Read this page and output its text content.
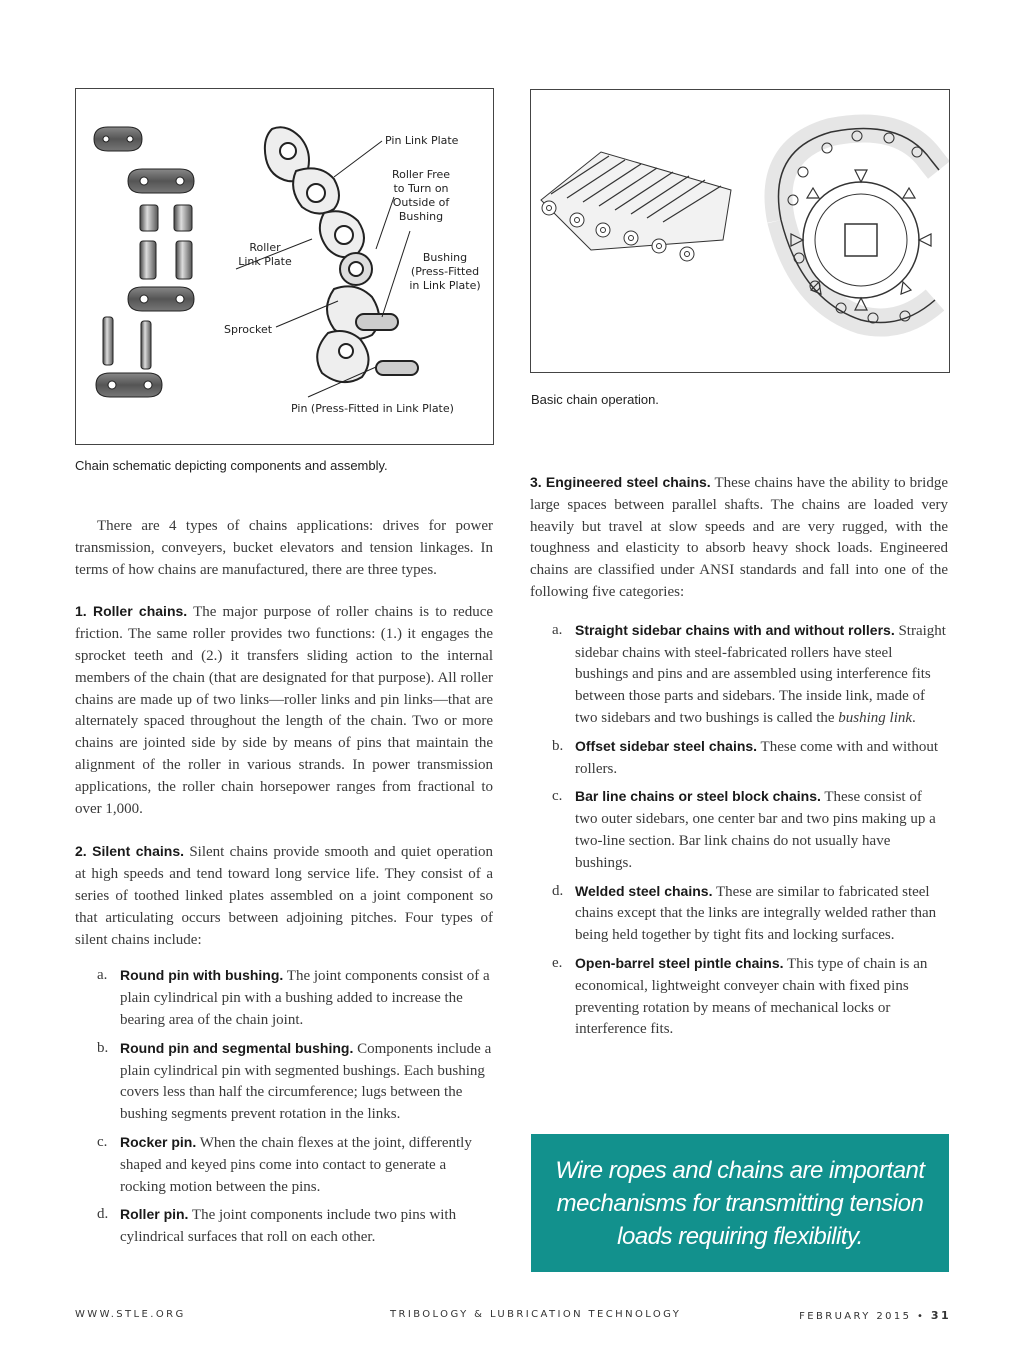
Pin Link Plate
Roller Free
to Turn on
Outside of
Bushing
Roller
Link Plate	Bushing
(Press-Fitted
in Link Plate)
Sprocket
Pin (Press-Fitted in Link Plate)
Chain schematic depicting components and assembly.
Basic chain operation.

There are 4 types of chains applications: drives for power transmission, conveyers, bucket elevators and tension linkages. In terms of how chains are manufactured, there are three types.

1. Roller chains. The major purpose of roller chains is to reduce friction. The same roller provides two functions: (1.) it engages the sprocket teeth and (2.) it transfers sliding action to the internal members of the chain (that are designated for that purpose). All roller chains are made up of two links—roller links and pin links—that are alternately spaced throughout the length of the chain. Two or more chains are jointed side by side by means of pins that maintain the alignment of the roller in various strands. In power transmission applications, the roller chain horsepower ranges from fractional to over 1,000.

2. Silent chains. Silent chains provide smooth and quiet operation at high speeds and tend toward long service life. They consist of a series of toothed linked plates assembled on a joint component so that articulating occurs between adjoining pitches. Four types of silent chains include:

a. Round pin with bushing. The joint components consist of a plain cylindrical pin with a bushing added to increase the bearing area of the chain joint.
b. Round pin and segmental bushing. Components include a plain cylindrical pin with segmented bushings. Each bushing covers less than half the circumference; lugs between the bushing segments prevent rotation in the links.
c. Rocker pin. When the chain flexes at the joint, differently shaped and keyed pins come into contact to generate a rocking motion between the pins.
d. Roller pin. The joint components include two pins with cylindrical surfaces that roll on each other.

3. Engineered steel chains. These chains have the ability to bridge large spaces between parallel shafts. The chains are loaded very heavily but travel at slow speeds and are very rugged, with the toughness and elasticity to absorb heavy shock loads. Engineered chains are classified under ANSI standards and fall into one of the following five categories:

a. Straight sidebar chains with and without rollers. Straight sidebar chains with steel-fabricated rollers have steel bushings and pins and are assembled using interference fits between those parts and sidebars. The inside link, made of two sidebars and two bushings is called the bushing link.
b. Offset sidebar steel chains. These come with and without rollers.
c. Bar line chains or steel block chains. These consist of two outer sidebars, one center bar and two pins making up a two-line section. Bar link chains do not usually have bushings.
d. Welded steel chains. These are similar to fabricated steel chains except that the links are integrally welded rather than being held together by tight fits and locking surfaces.
e. Open-barrel steel pintle chains. This type of chain is an economical, lightweight conveyer chain with fixed pins preventing rotation by means of mechanical locks or interference fits.
Wire ropes and chains are important mechanisms for transmitting tension loads requiring flexibility.
WWW.STLE.ORG	TRIBOLOGY & LUBRICATION TECHNOLOGY	FEBRUARY 2015 • 31
